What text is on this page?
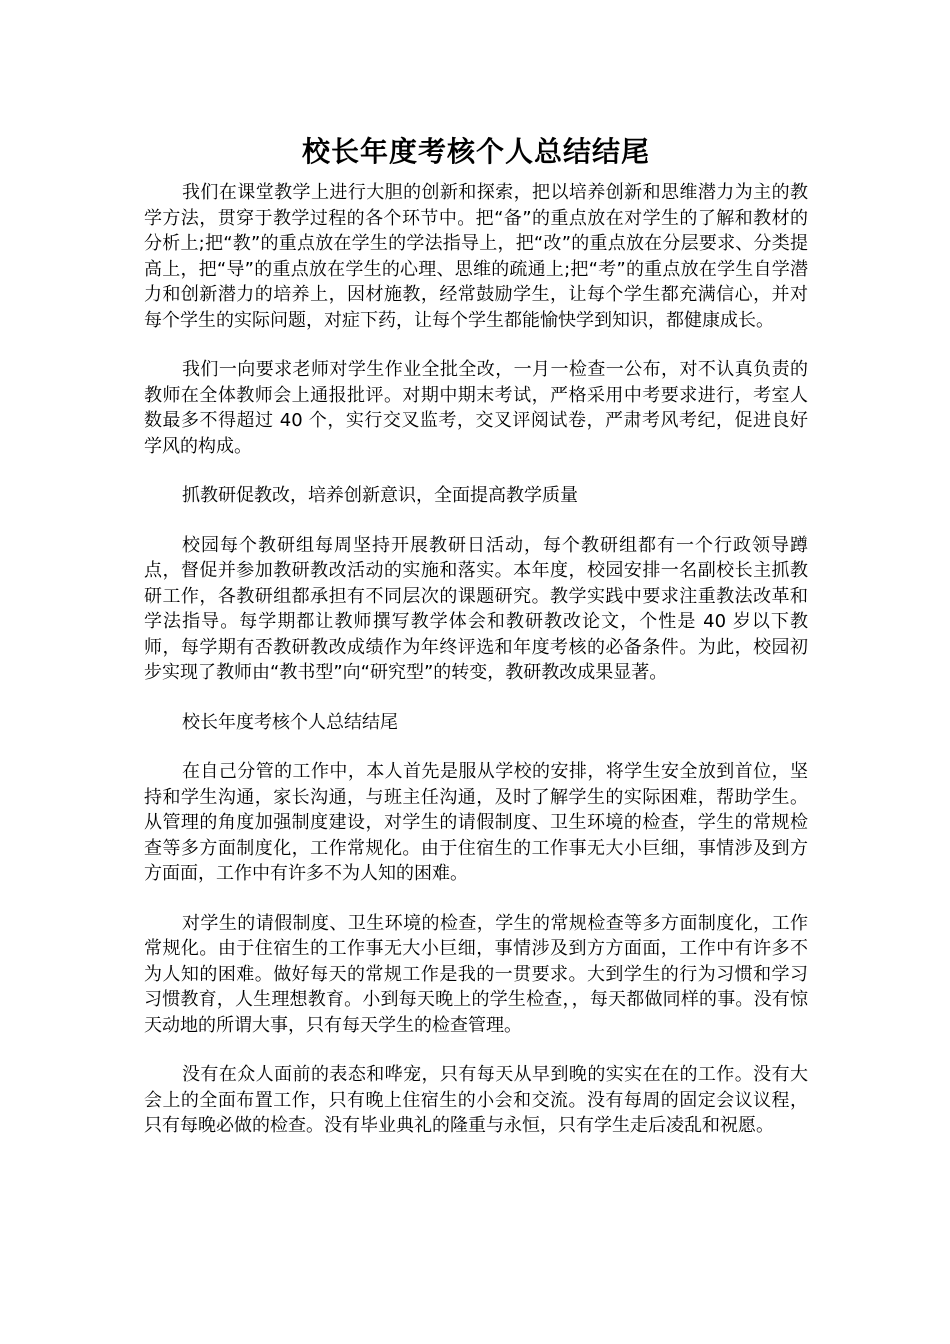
校长年度考核个人总结结尾

我们在课堂教学上进行大胆的创新和探索，把以培养创新和思维潜力为主的教学方法，贯穿于教学过程的各个环节中。把“备”的重点放在对学生的了解和教材的分析上;把“教”的重点放在学生的学法指导上，把“改”的重点放在分层要求、分类提高上，把“导”的重点放在学生的心理、思维的疏通上;把“考”的重点放在学生自学潜力和创新潜力的培养上，因材施教，经常鼓励学生，让每个学生都充满信心，并对每个学生的实际问题，对症下药，让每个学生都能愉快学到知识，都健康成长。

我们一向要求老师对学生作业全批全改，一月一检查一公布，对不认真负责的教师在全体教师会上通报批评。对期中期末考试，严格采用中考要求进行，考室人数最多不得超过 40 个，实行交叉监考，交叉评阅试卷，严肃考风考纪，促进良好学风的构成。

抓教研促教改，培养创新意识，全面提高教学质量

校园每个教研组每周坚持开展教研日活动，每个教研组都有一个行政领导蹲点，督促并参加教研教改活动的实施和落实。本年度，校园安排一名副校长主抓教研工作，各教研组都承担有不同层次的课题研究。教学实践中要求注重教法改革和学法指导。每学期都让教师撰写教学体会和教研教改论文，个性是 40 岁以下教师，每学期有否教研教改成绩作为年终评选和年度考核的必备条件。为此，校园初步实现了教师由“教书型”向“研究型”的转变，教研教改成果显著。

校长年度考核个人总结结尾

在自己分管的工作中，本人首先是服从学校的安排，将学生安全放到首位，坚持和学生沟通，家长沟通，与班主任沟通，及时了解学生的实际困难，帮助学生。从管理的角度加强制度建设，对学生的请假制度、卫生环境的检查，学生的常规检查等多方面制度化，工作常规化。由于住宿生的工作事无大小巨细，事情涉及到方方面面，工作中有许多不为人知的困难。

对学生的请假制度、卫生环境的检查，学生的常规检查等多方面制度化，工作常规化。由于住宿生的工作事无大小巨细，事情涉及到方方面面，工作中有许多不为人知的困难。做好每天的常规工作是我的一贯要求。大到学生的行为习惯和学习习惯教育，人生理想教育。小到每天晚上的学生检查，，每天都做同样的事。没有惊天动地的所谓大事，只有每天学生的检查管理。

没有在众人面前的表态和哗宠，只有每天从早到晚的实实在在的工作。没有大会上的全面布置工作，只有晚上住宿生的小会和交流。没有每周的固定会议议程，只有每晚必做的检查。没有毕业典礼的隆重与永恒，只有学生走后凌乱和祝愿。
